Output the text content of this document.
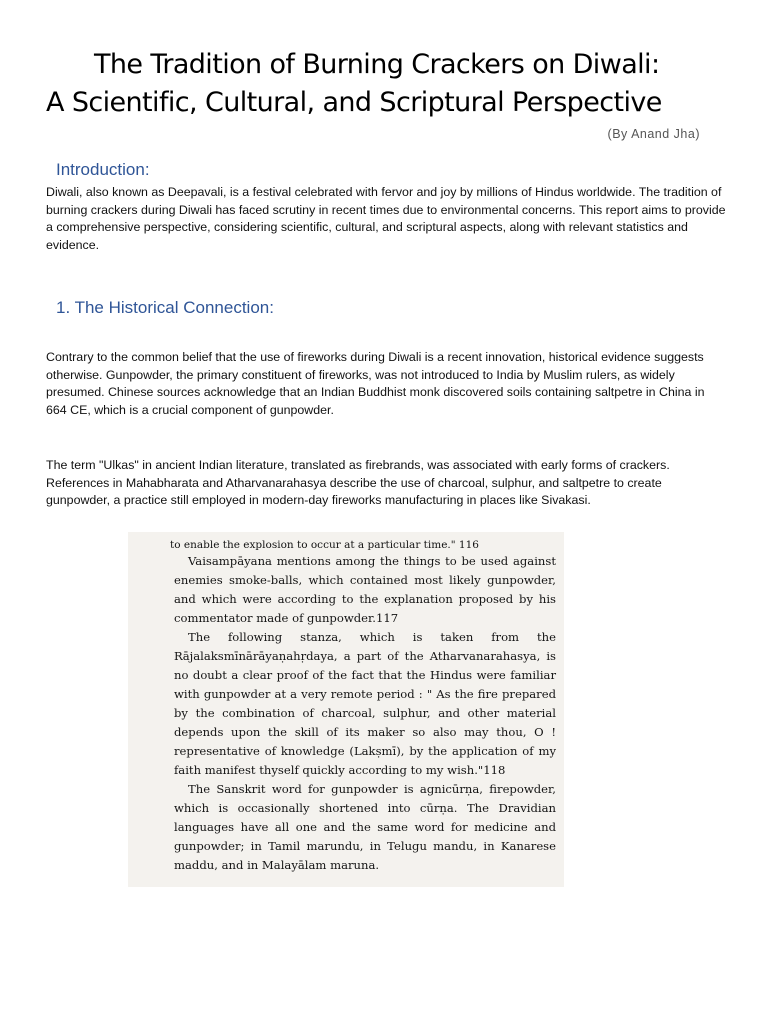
The Tradition of Burning Crackers on Diwali:
A Scientific, Cultural, and Scriptural Perspective
(By Anand Jha)
Introduction:
Diwali, also known as Deepavali, is a festival celebrated with fervor and joy by millions of Hindus worldwide. The tradition of burning crackers during Diwali has faced scrutiny in recent times due to environmental concerns. This report aims to provide a comprehensive perspective, considering scientific, cultural, and scriptural aspects, along with relevant statistics and evidence.
1. The Historical Connection:
Contrary to the common belief that the use of fireworks during Diwali is a recent innovation, historical evidence suggests otherwise. Gunpowder, the primary constituent of fireworks, was not introduced to India by Muslim rulers, as widely presumed. Chinese sources acknowledge that an Indian Buddhist monk discovered soils containing saltpetre in China in 664 CE, which is a crucial component of gunpowder.
The term "Ulkas" in ancient Indian literature, translated as firebrands, was associated with early forms of crackers. References in Mahabharata and Atharvanarahasya describe the use of charcoal, sulphur, and saltpetre to create gunpowder, a practice still employed in modern-day fireworks manufacturing in places like Sivakasi.

to enable the explosion to occur at a particular time." 116

Vaisampāyana mentions among the things to be used against enemies smoke-balls, which contained most likely gunpowder, and which were according to the explanation proposed by his commentator made of gunpowder.117

The following stanza, which is taken from the Rājalaksmīnārāyaṇahṛdaya, a part of the Atharvanarahasya, is no doubt a clear proof of the fact that the Hindus were familiar with gunpowder at a very remote period : " As the fire prepared by the combination of charcoal, sulphur, and other material depends upon the skill of its maker so also may thou, O ! representative of knowledge (Lakṣmī), by the application of my faith manifest thyself quickly according to my wish."118

The Sanskrit word for gunpowder is agnicūrṇa, firepowder, which is occasionally shortened into cūrṇa. The Dravidian languages have all one and the same word for medicine and gunpowder; in Tamil marundu, in Telugu mandu, in Kanarese maddu, and in Malayālam maruna.
